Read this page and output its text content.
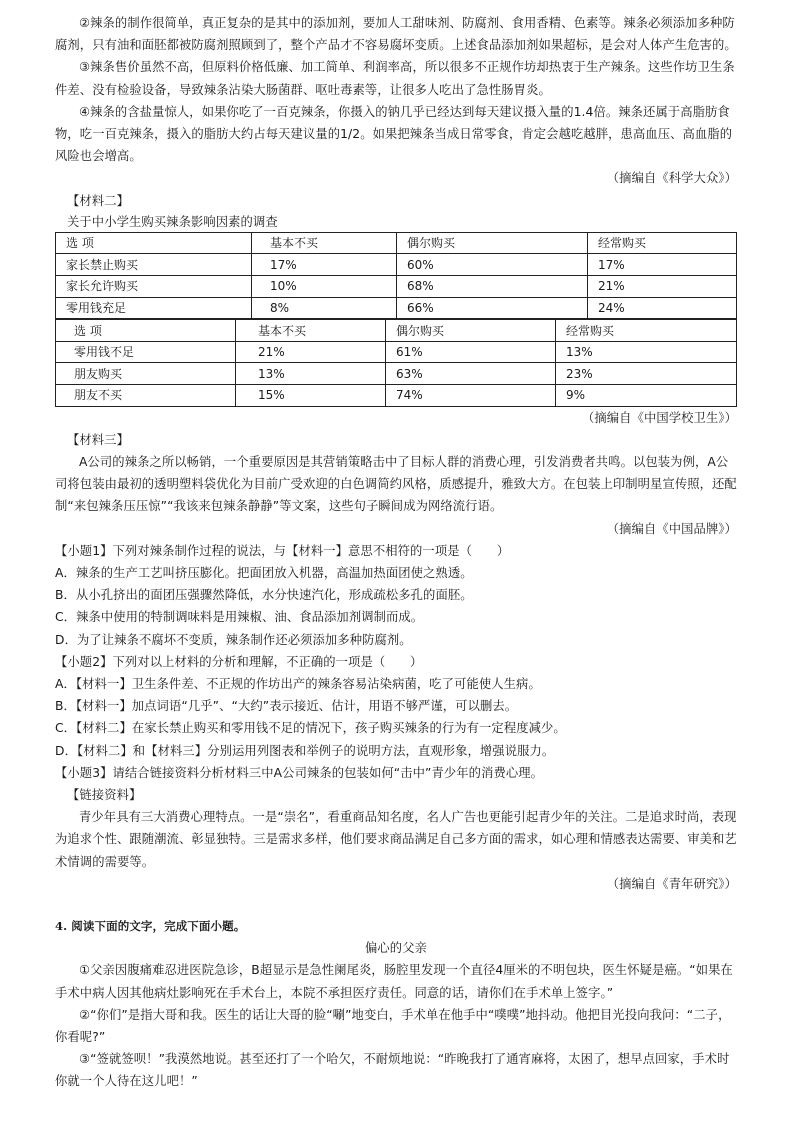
②辣条的制作很简单，真正复杂的是其中的添加剂，要加人工甜味剂、防腐剂、食用香精、色素等。辣条必须添加多种防腐剂，只有油和面胚都被防腐剂照顾到了，整个产品才不容易腐坏变质。上述食品添加剂如果超标，是会对人体产生危害的。

③辣条售价虽然不高，但原料价格低廉、加工简单、利润率高，所以很多不正规作坊却热衷于生产辣条。这些作坊卫生条件差、没有检验设备，导致辣条沾染大肠菌群、呕吐毒素等，让很多人吃出了急性肠胃炎。

④辣条的含盐量惊人，如果你吃了一百克辣条，你摄入的钠几乎已经达到每天建议摄入量的1.4倍。辣条还属于高脂肪食物，吃一百克辣条，摄入的脂肪大约占每天建议量的1/2。如果把辣条当成日常零食，肯定会越吃越胖，患高血压、高血脂的风险也会增高。

（摘编自《科学大众》）

【材料二】

关于中小学生购买辣条影响因素的调查

选 项	基本不买	偶尔购买	经常购买
家长禁止购买	17%	60%	17%
家长允许购买	10%	68%	21%
零用钱充足	8%	66%	24%
选 项	基本不买	偶尔购买	经常购买
零用钱不足	21%	61%	13%
朋友购买	13%	63%	23%
朋友不买	15%	74%	9%

（摘编自《中国学校卫生》）

【材料三】

A公司的辣条之所以畅销，一个重要原因是其营销策略击中了目标人群的消费心理，引发消费者共鸣。以包装为例，A公司将包装由最初的透明塑料袋优化为目前广受欢迎的白色调简约风格，质感提升，雅致大方。在包装上印制明星宣传照，还配制“来包辣条压压惊”“我该来包辣条静静”等文案，这些句子瞬间成为网络流行语。

（摘编自《中国品牌》）

【小题1】下列对辣条制作过程的说法，与【材料一】意思不相符的一项是（　　）

A．辣条的生产工艺叫挤压膨化。把面团放入机器，高温加热面团使之熟透。

B．从小孔挤出的面团压强骤然降低，水分快速汽化，形成疏松多孔的面胚。

C．辣条中使用的特制调味料是用辣椒、油、食品添加剂调制而成。

D．为了让辣条不腐坏不变质，辣条制作还必须添加多种防腐剂。

【小题2】下列对以上材料的分析和理解，不正确的一项是（　　）

A．【材料一】卫生条件差、不正规的作坊出产的辣条容易沾染病菌，吃了可能使人生病。

B．【材料一】加点词语“几乎”、“大约”表示接近、估计，用语不够严谨，可以删去。

C．【材料二】在家长禁止购买和零用钱不足的情况下，孩子购买辣条的行为有一定程度减少。

D．【材料二】和【材料三】分别运用列图表和举例子的说明方法，直观形象，增强说服力。

【小题3】请结合链接资料分析材料三中A公司辣条的包装如何“击中”青少年的消费心理。

【链接资料】

青少年具有三大消费心理特点。一是“崇名”，看重商品知名度，名人广告也更能引起青少年的关注。二是追求时尚，表现为追求个性、跟随潮流、彰显独特。三是需求多样，他们要求商品满足自己多方面的需求，如心理和情感表达需要、审美和艺术情调的需要等。

（摘编自《青年研究》）

4. 阅读下面的文字，完成下面小题。

偏心的父亲

①父亲因腹痛难忍进医院急诊，B超显示是急性阑尾炎，肠腔里发现一个直径4厘米的不明包块，医生怀疑是癌。“如果在手术中病人因其他病灶影响死在手术台上，本院不承担医疗责任。同意的话，请你们在手术单上签字。”

②“你们”是指大哥和我。医生的话让大哥的脸“唰”地变白，手术单在他手中“噗噗”地抖动。他把目光投向我问：“二子，你看呢?”

③“签就签呗！”我漠然地说。甚至还打了一个哈欠，不耐烦地说：“昨晚我打了通宵麻将，太困了，想早点回家，手术时你就一个人待在这儿吧！”
